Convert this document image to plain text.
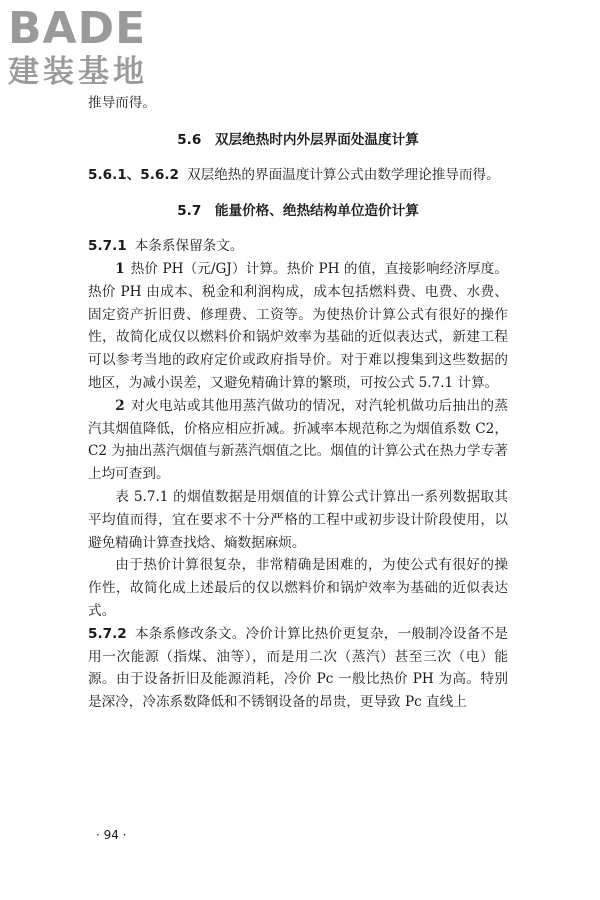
BADE
建装基地

推导而得。

5.6　双层绝热时内外层界面处温度计算

5.6.1、5.6.2 双层绝热的界面温度计算公式由数学理论推导而得。

5.7　能量价格、绝热结构单位造价计算

5.7.1 本条系保留条文。

1 热价 PH（元/GJ）计算。热价 PH 的值，直接影响经济厚度。热价 PH 由成本、税金和利润构成，成本包括燃料费、电费、水费、固定资产折旧费、修理费、工资等。为使热价计算公式有很好的操作性，故简化成仅以燃料价和锅炉效率为基础的近似表达式，新建工程可以参考当地的政府定价或政府指导价。对于难以搜集到这些数据的地区，为减小误差，又避免精确计算的繁琐，可按公式 5.7.1 计算。

2 对火电站或其他用蒸汽做功的情况，对汽轮机做功后抽出的蒸汽其烟值降低，价格应相应折减。折减率本规范称之为烟值系数 C2，C2 为抽出蒸汽烟值与新蒸汽烟值之比。烟值的计算公式在热力学专著上均可查到。

表 5.7.1 的烟值数据是用烟值的计算公式计算出一系列数据取其平均值而得，宜在要求不十分严格的工程中或初步设计阶段使用，以避免精确计算查找焓、熵数据麻烦。

由于热价计算很复杂，非常精确是困难的，为使公式有很好的操作性，故简化成上述最后的仅以燃料价和锅炉效率为基础的近似表达式。

5.7.2 本条系修改条文。冷价计算比热价更复杂，一般制冷设备不是用一次能源（指煤、油等），而是用二次（蒸汽）甚至三次（电）能源。由于设备折旧及能源消耗，冷价 Pc 一般比热价 PH 为高。特别是深冷，冷冻系数降低和不锈钢设备的昂贵，更导致 Pc 直线上

· 94 ·
